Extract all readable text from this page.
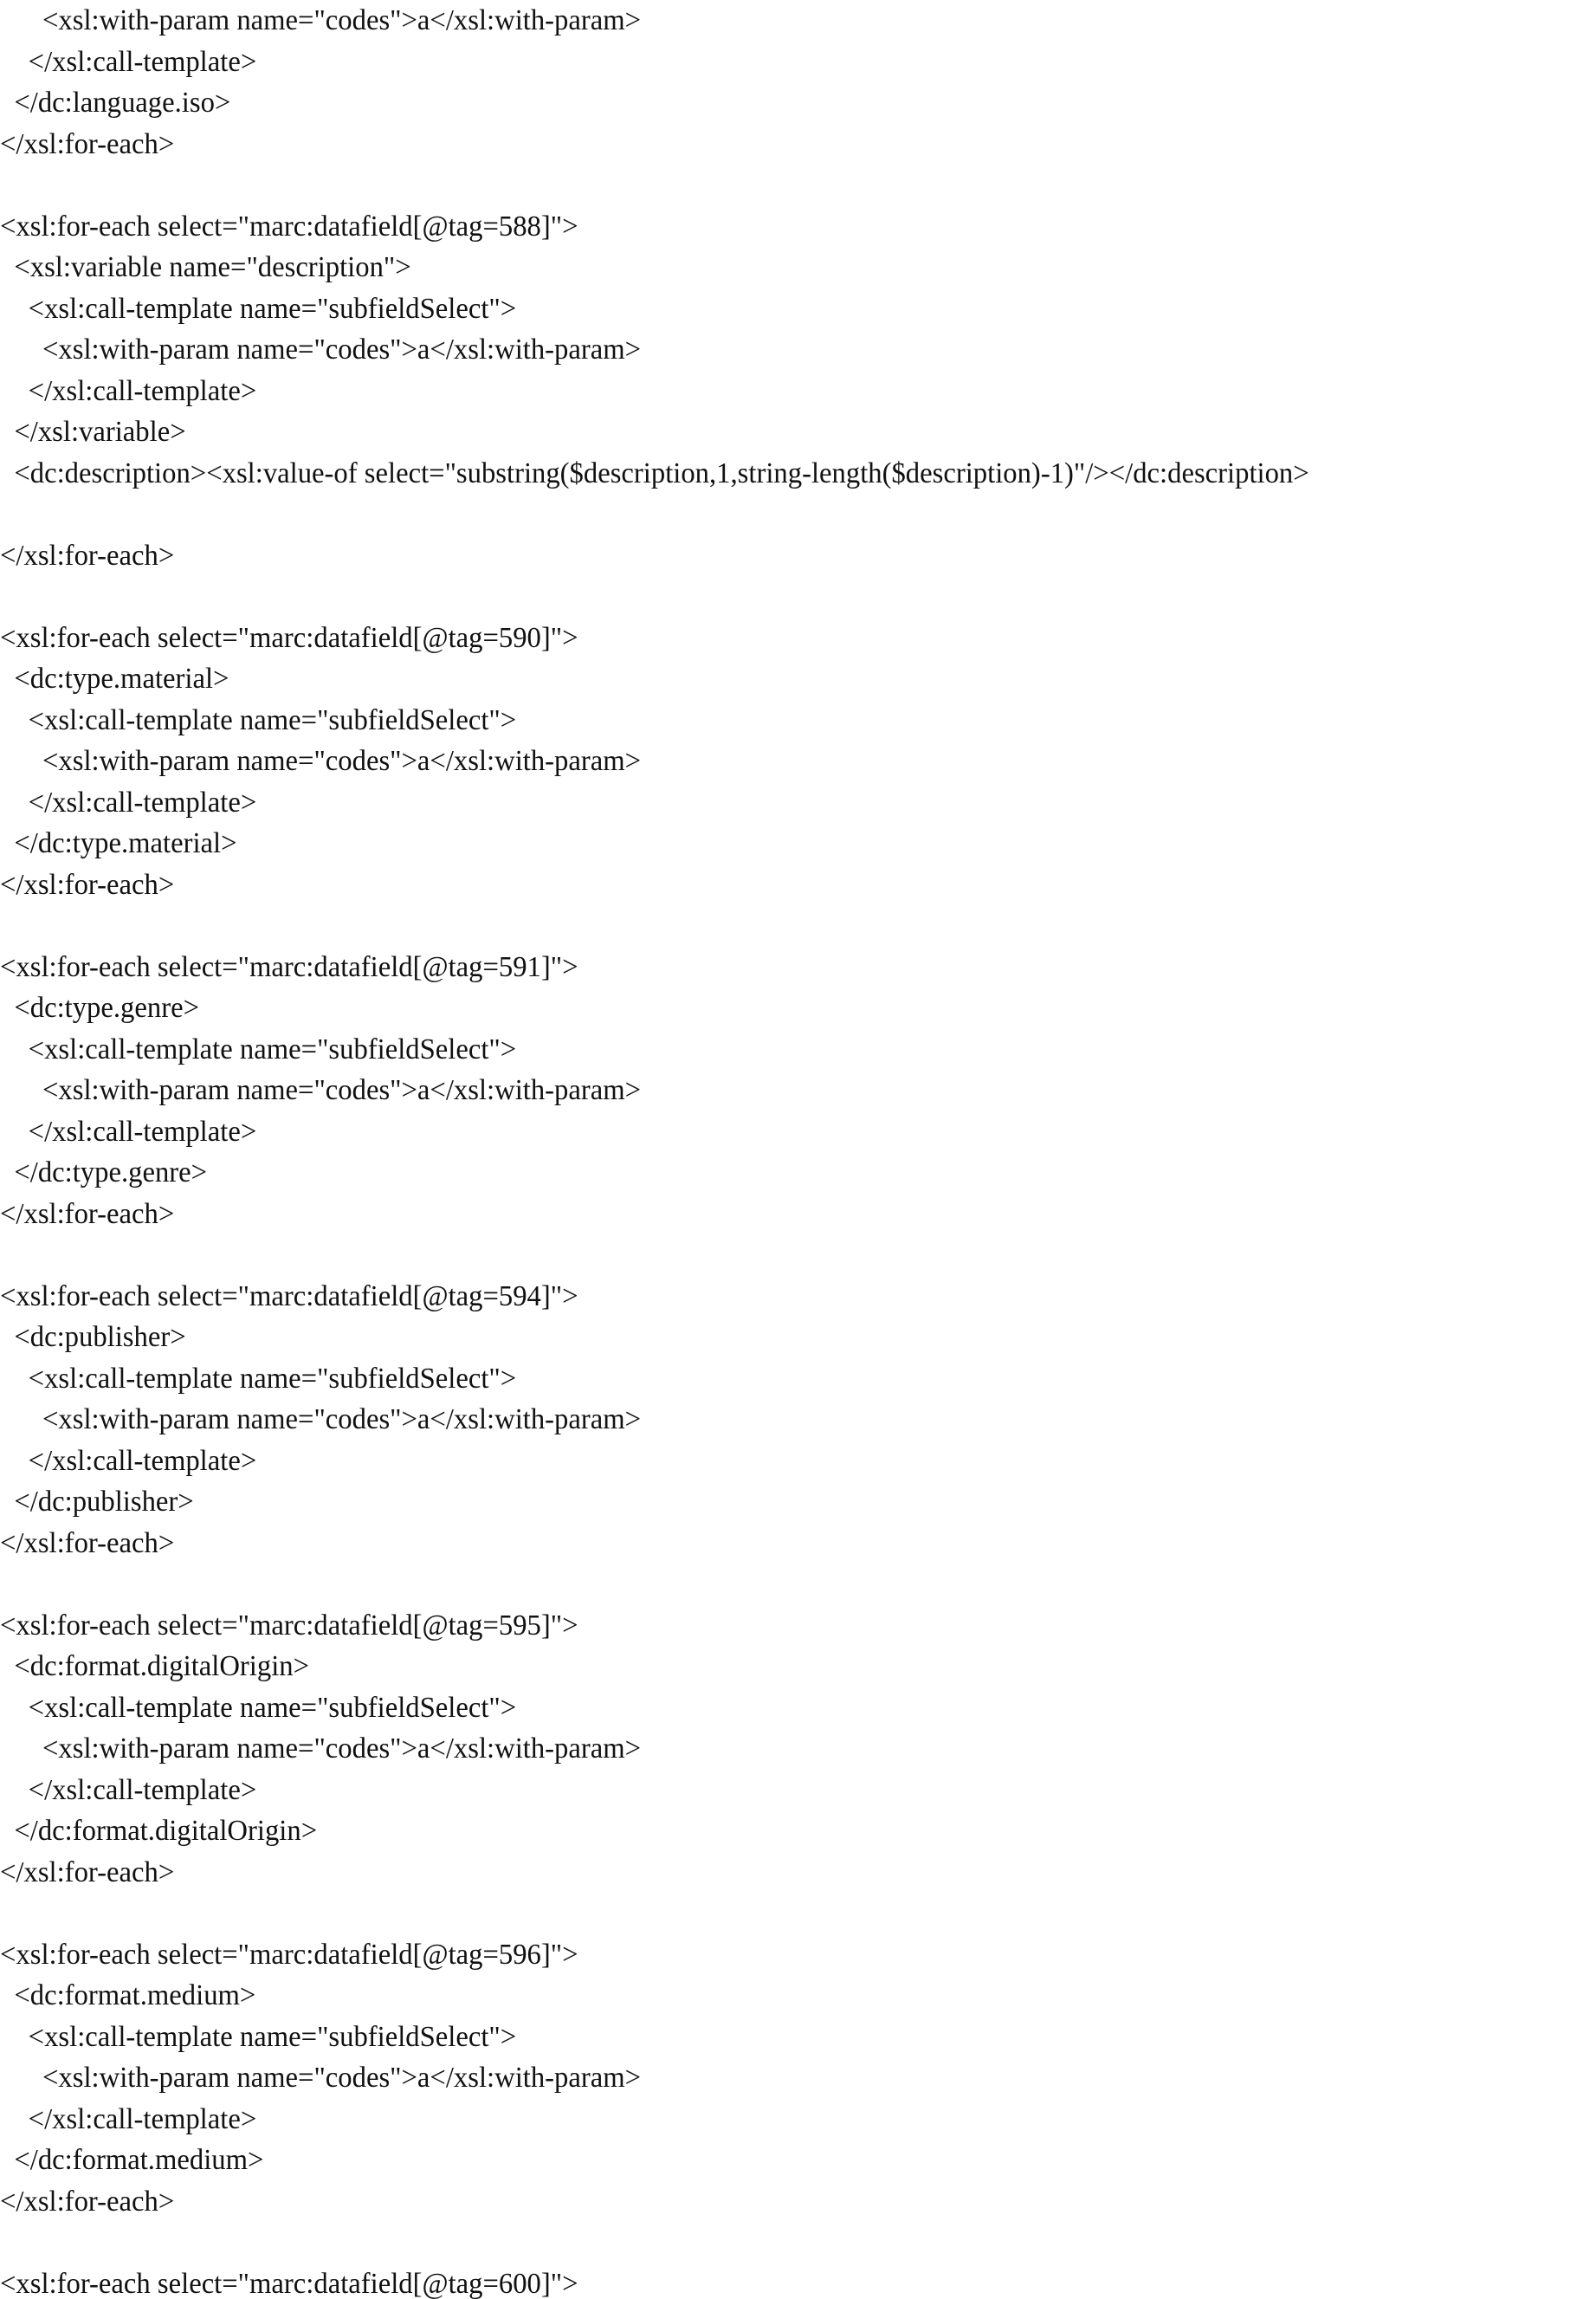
<xsl:with-param name="codes">a</xsl:with-param>
</xsl:call-template>
</dc:language.iso>
</xsl:for-each>
<xsl:for-each select="marc:datafield[@tag=588]">
<xsl:variable name="description">
<xsl:call-template name="subfieldSelect">
<xsl:with-param name="codes">a</xsl:with-param>
</xsl:call-template>
</xsl:variable>
<dc:description><xsl:value-of select="substring($description,1,string-length($description)-1)"/></dc:description>
</xsl:for-each>
<xsl:for-each select="marc:datafield[@tag=590]">
<dc:type.material>
<xsl:call-template name="subfieldSelect">
<xsl:with-param name="codes">a</xsl:with-param>
</xsl:call-template>
</dc:type.material>
</xsl:for-each>
<xsl:for-each select="marc:datafield[@tag=591]">
<dc:type.genre>
<xsl:call-template name="subfieldSelect">
<xsl:with-param name="codes">a</xsl:with-param>
</xsl:call-template>
</dc:type.genre>
</xsl:for-each>
<xsl:for-each select="marc:datafield[@tag=594]">
<dc:publisher>
<xsl:call-template name="subfieldSelect">
<xsl:with-param name="codes">a</xsl:with-param>
</xsl:call-template>
</dc:publisher>
</xsl:for-each>
<xsl:for-each select="marc:datafield[@tag=595]">
<dc:format.digitalOrigin>
<xsl:call-template name="subfieldSelect">
<xsl:with-param name="codes">a</xsl:with-param>
</xsl:call-template>
</dc:format.digitalOrigin>
</xsl:for-each>
<xsl:for-each select="marc:datafield[@tag=596]">
<dc:format.medium>
<xsl:call-template name="subfieldSelect">
<xsl:with-param name="codes">a</xsl:with-param>
</xsl:call-template>
</dc:format.medium>
</xsl:for-each>
<xsl:for-each select="marc:datafield[@tag=600]">
